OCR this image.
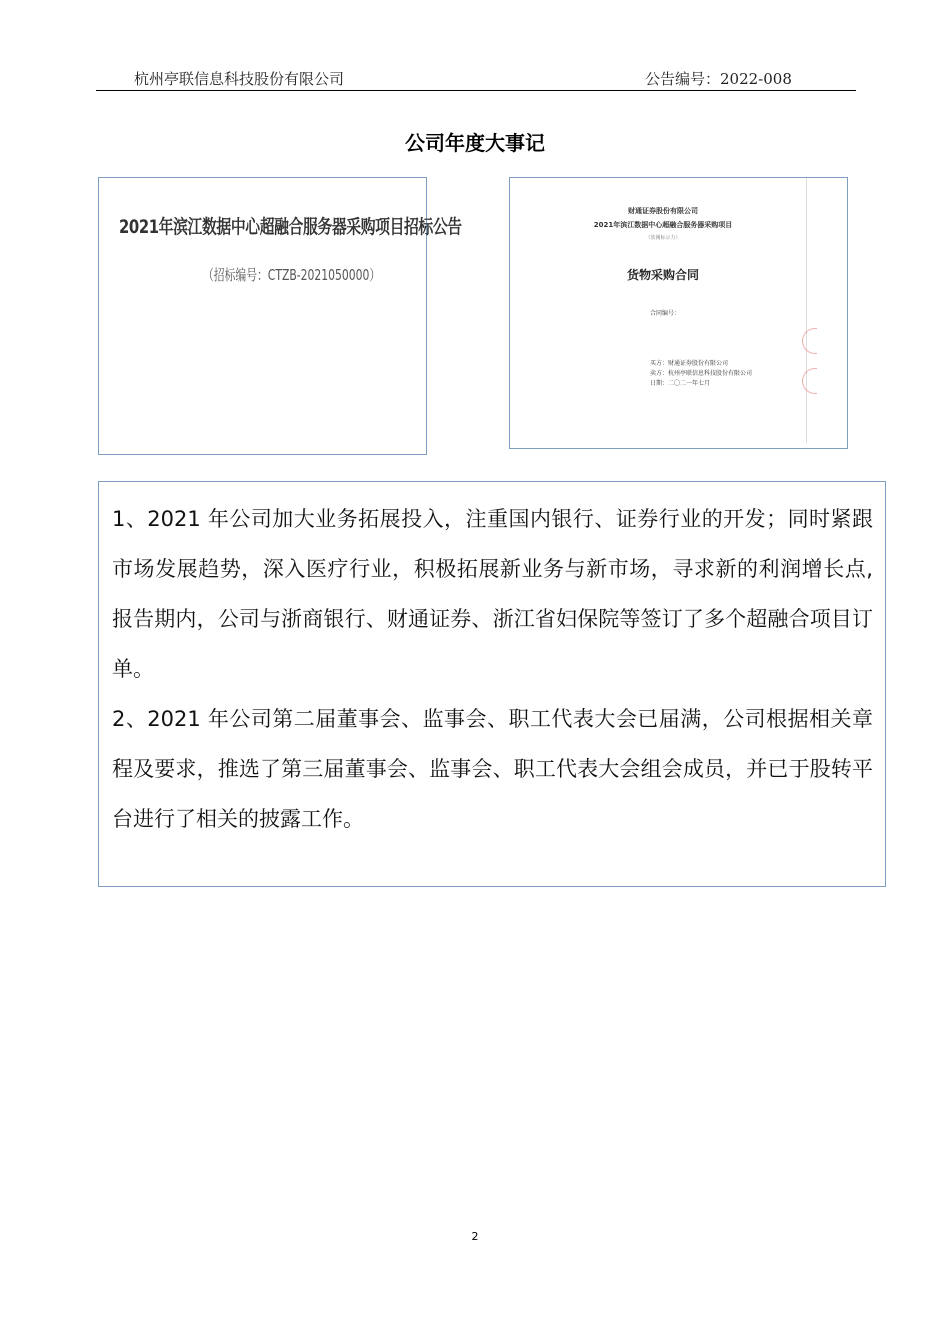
杭州亭联信息科技股份有限公司	公告编号：2022-008
公司年度大事记
2021年滨江数据中心超融合服务器采购项目招标公告
（招标编号：CTZB-2021050000）
财通证券股份有限公司
2021年滨江数据中心超融合服务器采购项目
（放阀标示力）
货物采购合同
合同编号：
买方：财通证券股份有限公司
卖方：杭州亭联信息科技股份有限公司
日期：二〇二一年七月

1、2021 年公司加大业务拓展投入，注重国内银行、证券行业的开发；同时紧跟市场发展趋势，深入医疗行业，积极拓展新业务与新市场，寻求新的利润增长点,报告期内，公司与浙商银行、财通证券、浙江省妇保院等签订了多个超融合项目订单。

2、2021 年公司第二届董事会、监事会、职工代表大会已届满，公司根据相关章程及要求，推选了第三届董事会、监事会、职工代表大会组会成员，并已于股转平台进行了相关的披露工作。

2
